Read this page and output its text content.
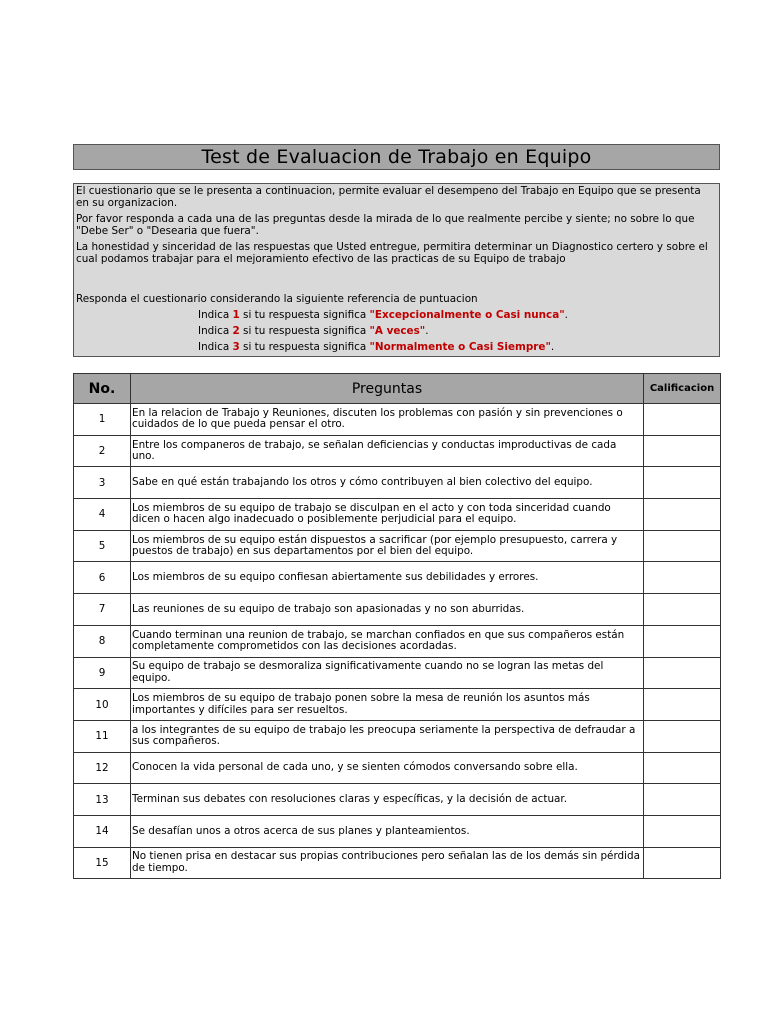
Test de Evaluacion de Trabajo en Equipo

El cuestionario que se le presenta a continuacion, permite evaluar el desempeno del Trabajo en Equipo que se presenta en su organizacion.

Por favor responda a cada una de las preguntas desde la mirada de lo que realmente percibe y siente; no sobre lo que "Debe Ser" o "Desearia que fuera".

La honestidad y sinceridad de las respuestas que Usted entregue, permitira determinar un Diagnostico certero y sobre el cual podamos trabajar para el mejoramiento efectivo de las practicas de su Equipo de trabajo

Responda el cuestionario considerando la siguiente referencia de puntuacion

Indica 1 si tu respuesta significa "Excepcionalmente o Casi nunca".
Indica 2 si tu respuesta significa "A veces".
Indica 3 si tu respuesta significa "Normalmente o Casi Siempre".
No.	Preguntas	Calificacion
1	En la relacion de Trabajo y Reuniones, discuten los problemas con pasión y sin prevenciones o cuidados de lo que pueda pensar el otro.	
2	Entre los companeros de trabajo, se señalan deficiencias y conductas improductivas de cada uno.	
3	Sabe en qué están trabajando los otros y cómo contribuyen al bien colectivo del equipo.	
4	Los miembros de su equipo de trabajo se disculpan en el acto y con toda sinceridad cuando dicen o hacen algo inadecuado o posiblemente perjudicial para el equipo.	
5	Los miembros de su equipo están dispuestos a sacrificar (por ejemplo presupuesto, carrera y puestos de trabajo) en sus departamentos por el bien del equipo.	
6	Los miembros de su equipo confiesan abiertamente sus debilidades y errores.	
7	Las reuniones de su equipo de trabajo son apasionadas y no son aburridas.	
8	Cuando terminan una reunion de trabajo, se marchan confiados en que sus compañeros están completamente comprometidos con las decisiones acordadas.	
9	Su equipo de trabajo se desmoraliza significativamente cuando no se logran las metas del equipo.	
10	Los miembros de su equipo de trabajo ponen sobre la mesa de reunión los asuntos más importantes y difíciles para ser resueltos.	
11	a los integrantes de su equipo de trabajo les preocupa seriamente la perspectiva de defraudar a sus compañeros.	
12	Conocen la vida personal de cada uno, y se sienten cómodos conversando sobre ella.	
13	Terminan sus debates con resoluciones claras y específicas, y la decisión de actuar.	
14	Se desafían unos a otros acerca de sus planes y planteamientos.	
15	No tienen prisa en destacar sus propias contribuciones pero señalan las de los demás sin pérdida de tiempo.	
